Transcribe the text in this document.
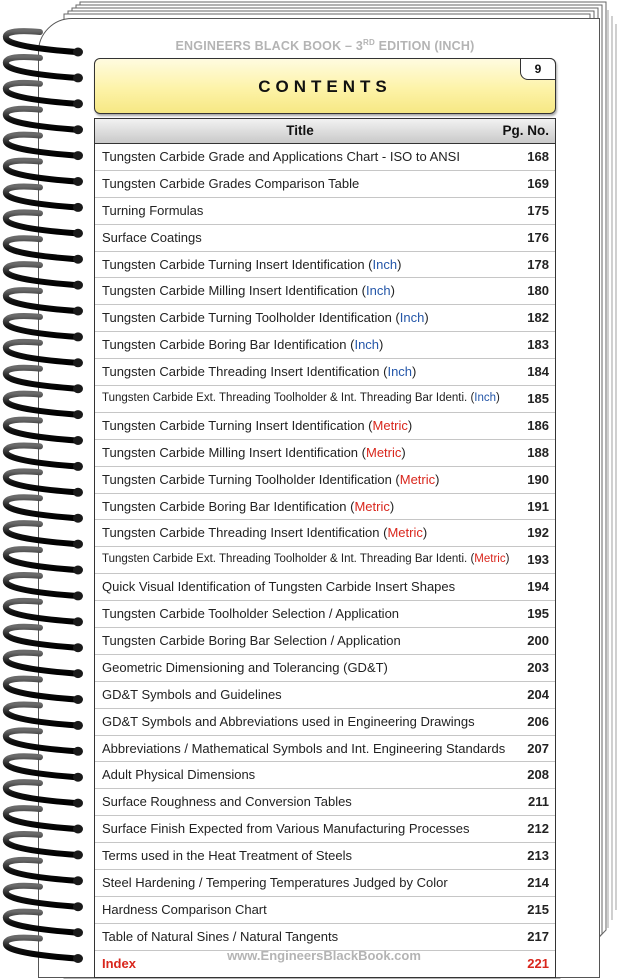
ENGINEERS BLACK BOOK – 3RD EDITION (INCH)
CONTENTS
9
Title	Pg. No.
Tungsten Carbide Grade and Applications Chart - ISO to ANSI	168
Tungsten Carbide Grades Comparison Table	169
Turning Formulas	175
Surface Coatings	176
Tungsten Carbide Turning Insert Identification (Inch)	178
Tungsten Carbide Milling Insert Identification (Inch)	180
Tungsten Carbide Turning Toolholder Identification (Inch)	182
Tungsten Carbide Boring Bar Identification (Inch)	183
Tungsten Carbide Threading Insert Identification (Inch)	184
Tungsten Carbide Ext. Threading Toolholder & Int. Threading Bar Identi. (Inch) 185
Tungsten Carbide Turning Insert Identification (Metric)	186
Tungsten Carbide Milling Insert Identification (Metric)	188
Tungsten Carbide Turning Toolholder Identification (Metric)	190
Tungsten Carbide Boring Bar Identification (Metric)	191
Tungsten Carbide Threading Insert Identification (Metric)	192
Tungsten Carbide Ext. Threading Toolholder & Int. Threading Bar Identi. (Metric) 193
Quick Visual Identification of Tungsten Carbide Insert Shapes	194
Tungsten Carbide Toolholder Selection / Application	195
Tungsten Carbide Boring Bar Selection / Application	200
Geometric Dimensioning and Tolerancing (GD&T)	203
GD&T Symbols and Guidelines	204
GD&T Symbols and Abbreviations used in Engineering Drawings	206
Abbreviations / Mathematical Symbols and Int. Engineering Standards 207
Adult Physical Dimensions	208
Surface Roughness and Conversion Tables	211
Surface Finish Expected from Various Manufacturing Processes	212
Terms used in the Heat Treatment of Steels	213
Steel Hardening / Tempering Temperatures Judged by Color	214
Hardness Comparison Chart	215
Table of Natural Sines / Natural Tangents	217
Index	221
www.EngineersBlackBook.com
